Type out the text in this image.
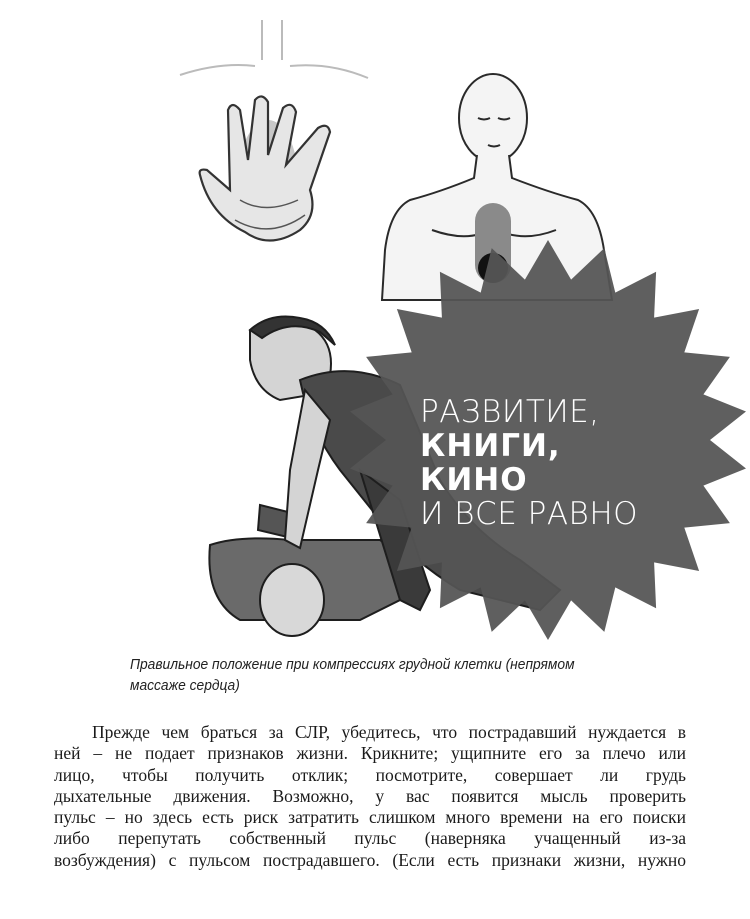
РАЗВИТИЕ,
КНИГИ, КИНО
И ВСЕ РАВНО
Правильное положение при компрессиях грудной клетки (непрямом массаже сердца)
Прежде чем браться за СЛР, убедитесь, что пострадавший нуждается в
ней – не подает признаков жизни. Крикните; ущипните его за плечо или
лицо, чтобы получить отклик; посмотрите, совершает ли грудь
дыхательные движения. Возможно, у вас появится мысль проверить
пульс – но здесь есть риск затратить слишком много времени на его поиски
либо перепутать собственный пульс (наверняка учащенный из-за
возбуждения) с пульсом пострадавшего. (Если есть признаки жизни, нужно
